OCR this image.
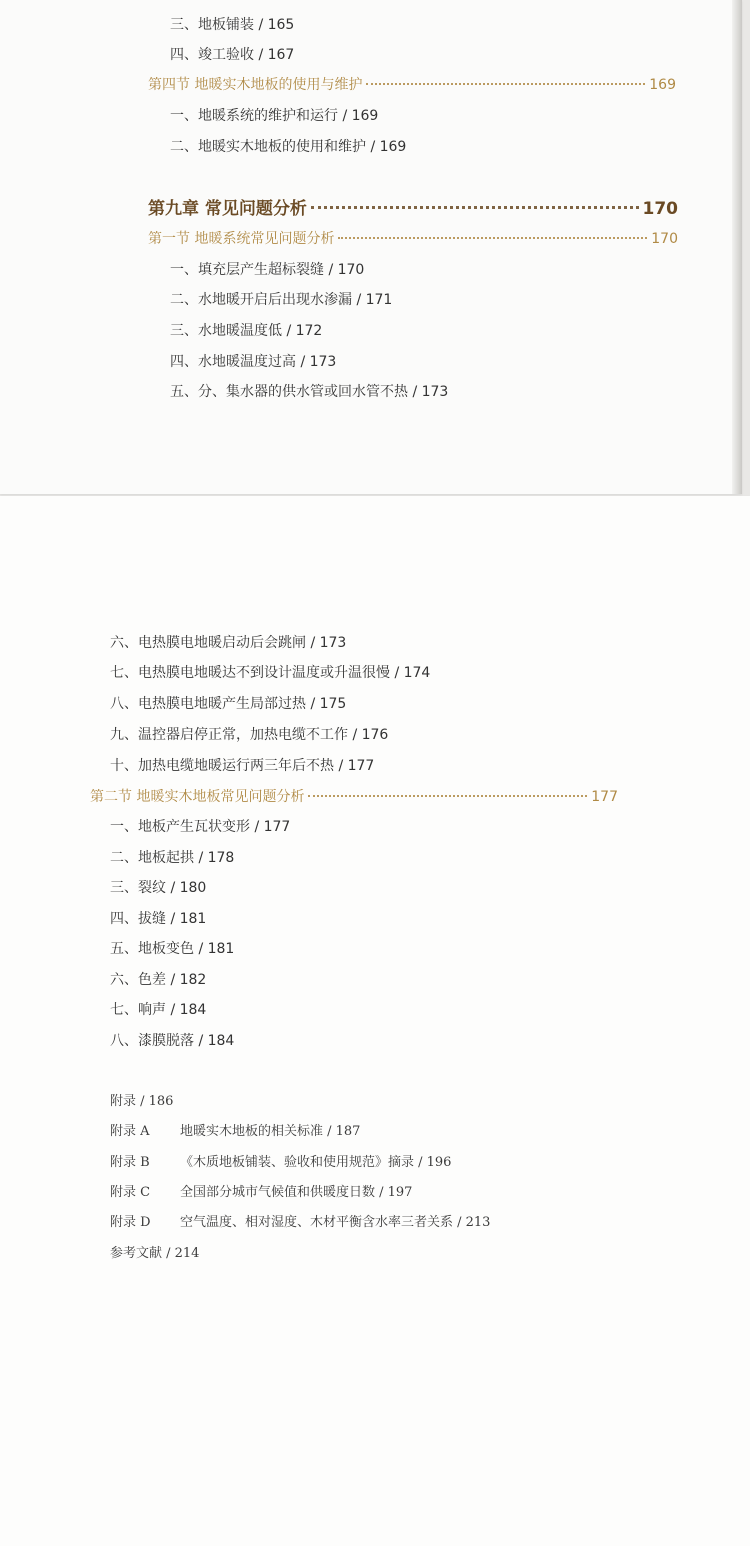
三、地板铺装 / 165
四、竣工验收 / 167
第四节 地暖实木地板的使用与维护	169
一、地暖系统的维护和运行 / 169
二、地暖实木地板的使用和维护 / 169
第九章 常见问题分析	170
第一节 地暖系统常见问题分析	170
一、填充层产生超标裂缝 / 170
二、水地暖开启后出现水渗漏 / 171
三、水地暖温度低 / 172
四、水地暖温度过高 / 173
五、分、集水器的供水管或回水管不热 / 173
六、电热膜电地暖启动后会跳闸 / 173
七、电热膜电地暖达不到设计温度或升温很慢 / 174
八、电热膜电地暖产生局部过热 / 175
九、温控器启停正常，加热电缆不工作 / 176
十、加热电缆地暖运行两三年后不热 / 177
第二节 地暖实木地板常见问题分析	177
一、地板产生瓦状变形 / 177
二、地板起拱 / 178
三、裂纹 / 180
四、拔缝 / 181
五、地板变色 / 181
六、色差 / 182
七、响声 / 184
八、漆膜脱落 / 184
附录 / 186
附录 A 地暖实木地板的相关标准 / 187
附录 B 《木质地板铺装、验收和使用规范》摘录 / 196
附录 C 全国部分城市气候值和供暖度日数 / 197
附录 D 空气温度、相对湿度、木材平衡含水率三者关系 / 213
参考文献 / 214
